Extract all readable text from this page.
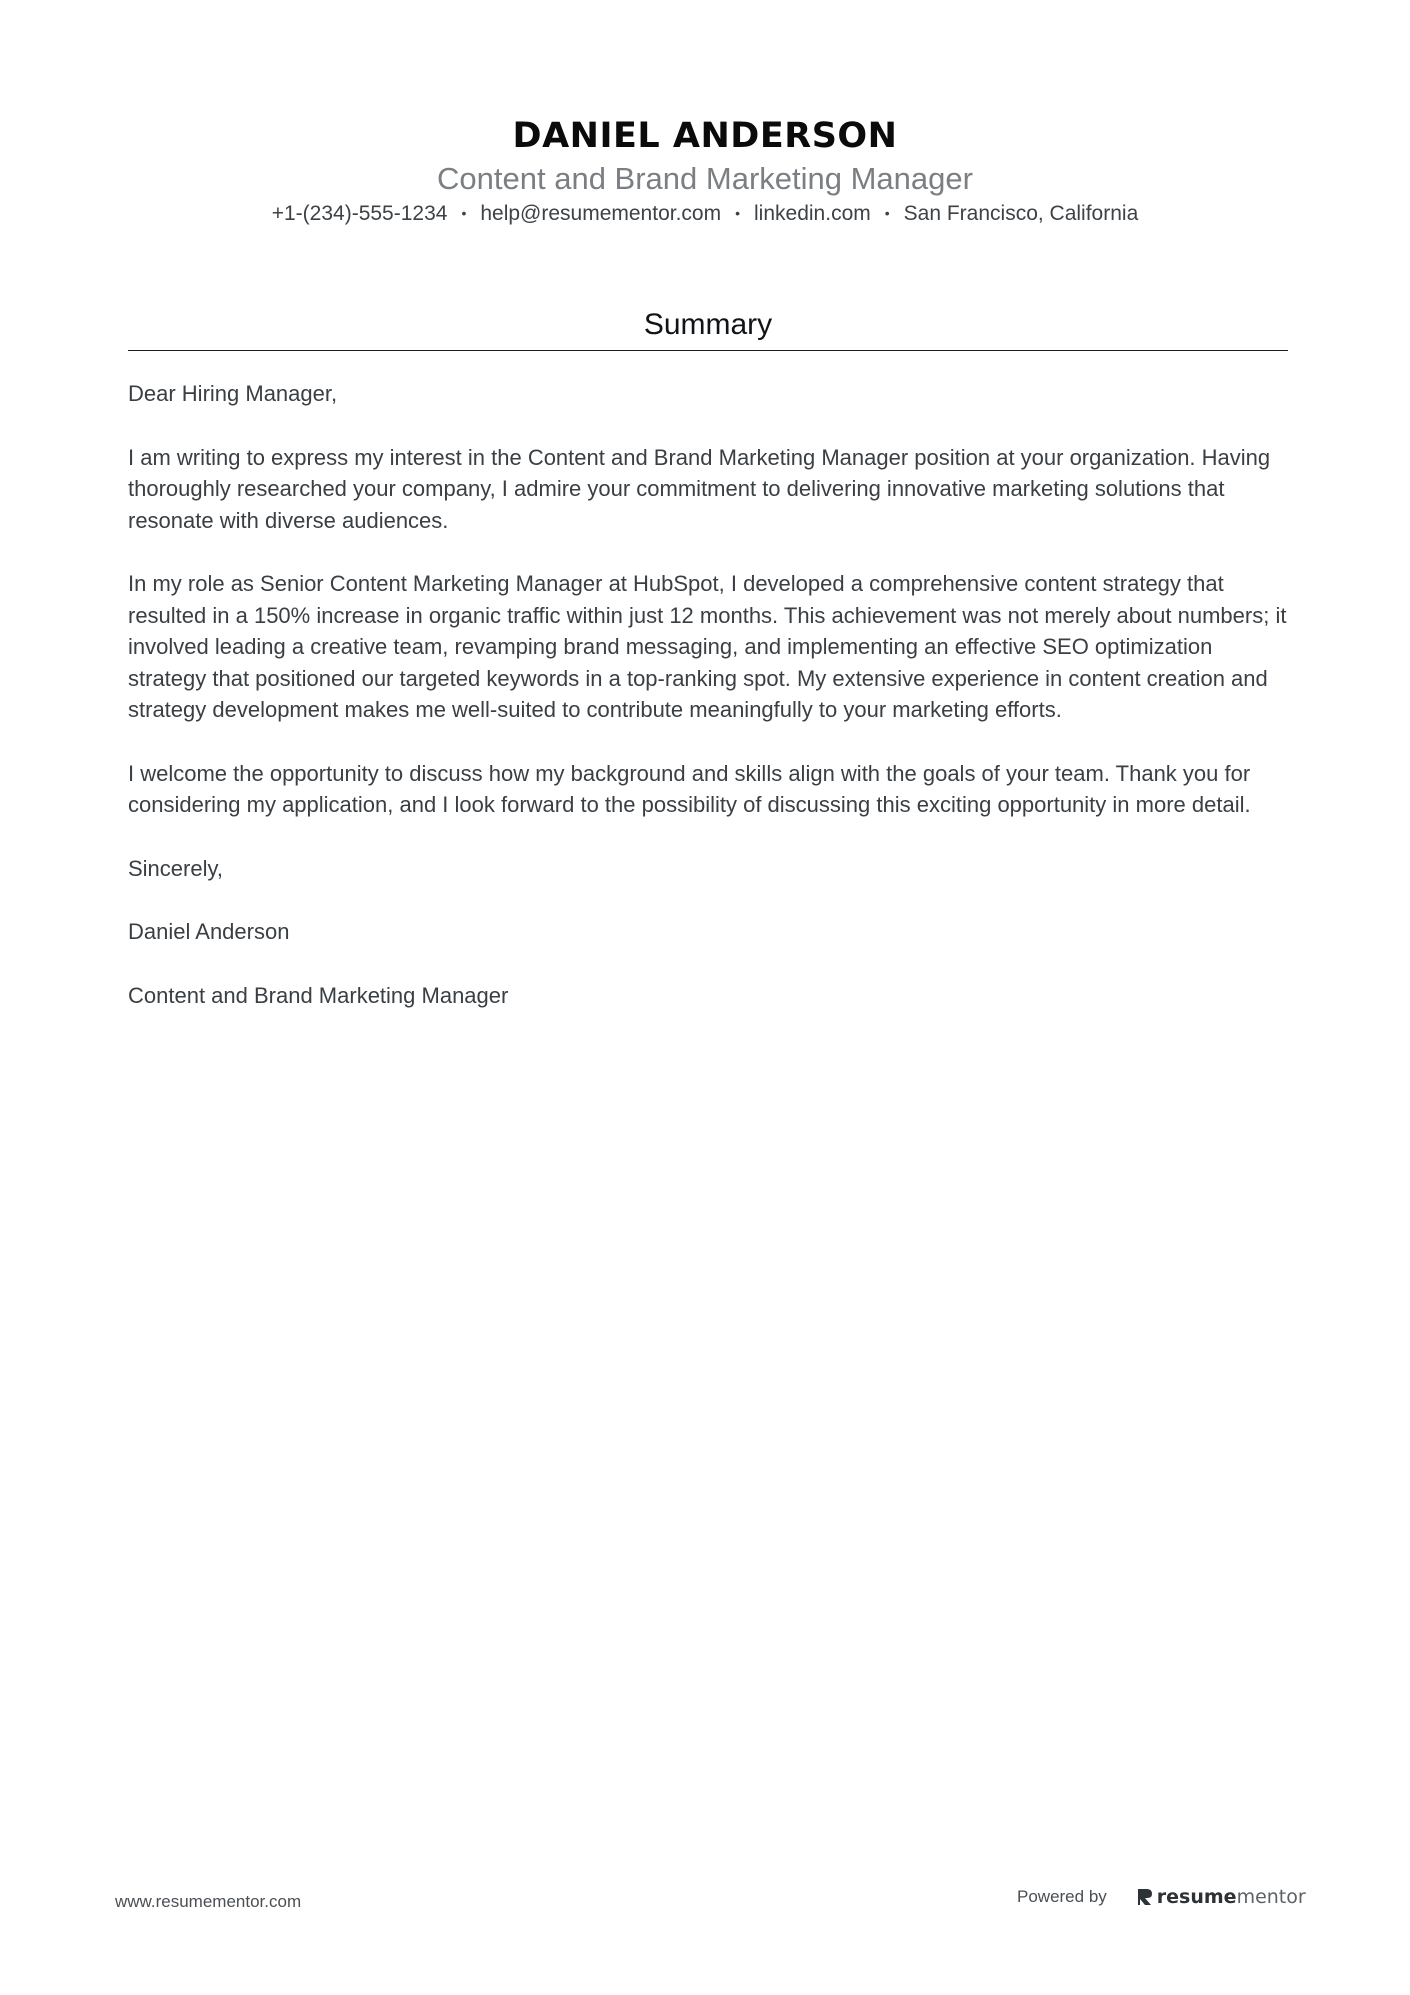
DANIEL ANDERSON
Content and Brand Marketing Manager
+1-(234)-555-1234 • help@resumementor.com • linkedin.com • San Francisco, California
Summary

Dear Hiring Manager,

I am writing to express my interest in the Content and Brand Marketing Manager position at your organization. Having thoroughly researched your company, I admire your commitment to delivering innovative marketing solutions that resonate with diverse audiences.

In my role as Senior Content Marketing Manager at HubSpot, I developed a comprehensive content strategy that resulted in a 150% increase in organic traffic within just 12 months. This achievement was not merely about numbers; it involved leading a creative team, revamping brand messaging, and implementing an effective SEO optimization strategy that positioned our targeted keywords in a top-ranking spot. My extensive experience in content creation and strategy development makes me well-suited to contribute meaningfully to your marketing efforts.

I welcome the opportunity to discuss how my background and skills align with the goals of your team. Thank you for considering my application, and I look forward to the possibility of discussing this exciting opportunity in more detail.

Sincerely,

Daniel Anderson

Content and Brand Marketing Manager

www.resumementor.com	Powered by	resume mentor
